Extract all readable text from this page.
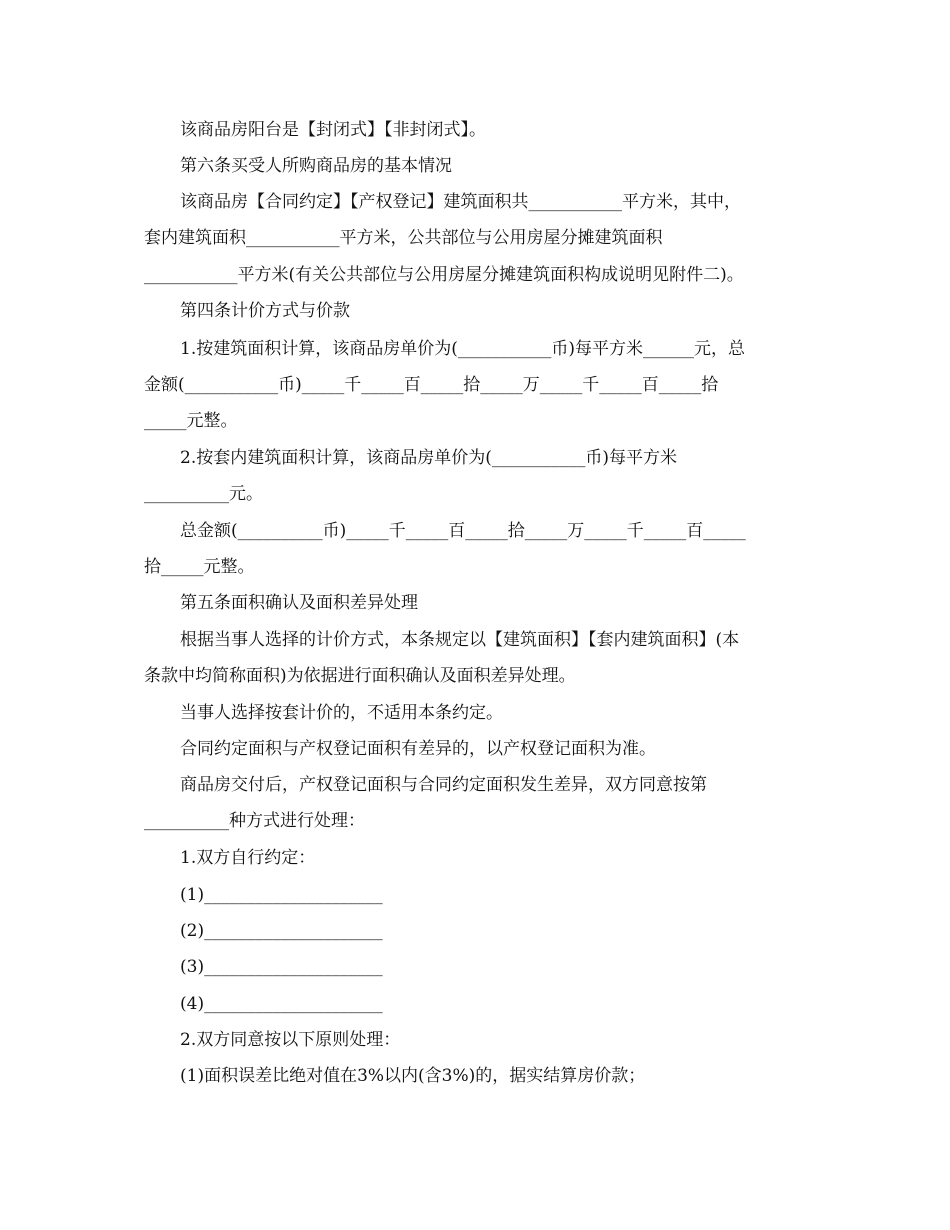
该商品房阳台是【封闭式】【非封闭式】。
第六条买受人所购商品房的基本情况
该商品房【合同约定】【产权登记】建筑面积共___________平方米，其中，
套内建筑面积___________平方米，公共部位与公用房屋分摊建筑面积
___________平方米(有关公共部位与公用房屋分摊建筑面积构成说明见附件二)。
第四条计价方式与价款
1.按建筑面积计算，该商品房单价为(___________币)每平方米______元，总
金额(___________币)_____千_____百_____拾_____万_____千_____百_____拾
_____元整。
2.按套内建筑面积计算，该商品房单价为(___________币)每平方米
__________元。
总金额(__________币)_____千_____百_____拾_____万_____千_____百_____
拾_____元整。
第五条面积确认及面积差异处理
根据当事人选择的计价方式，本条规定以【建筑面积】【套内建筑面积】(本
条款中均简称面积)为依据进行面积确认及面积差异处理。
当事人选择按套计价的，不适用本条约定。
合同约定面积与产权登记面积有差异的，以产权登记面积为准。
商品房交付后，产权登记面积与合同约定面积发生差异，双方同意按第
__________种方式进行处理：
1.双方自行约定：
(1)_____________________
(2)_____________________
(3)_____________________
(4)_____________________
2.双方同意按以下原则处理：
(1)面积误差比绝对值在3%以内(含3%)的，据实结算房价款；
